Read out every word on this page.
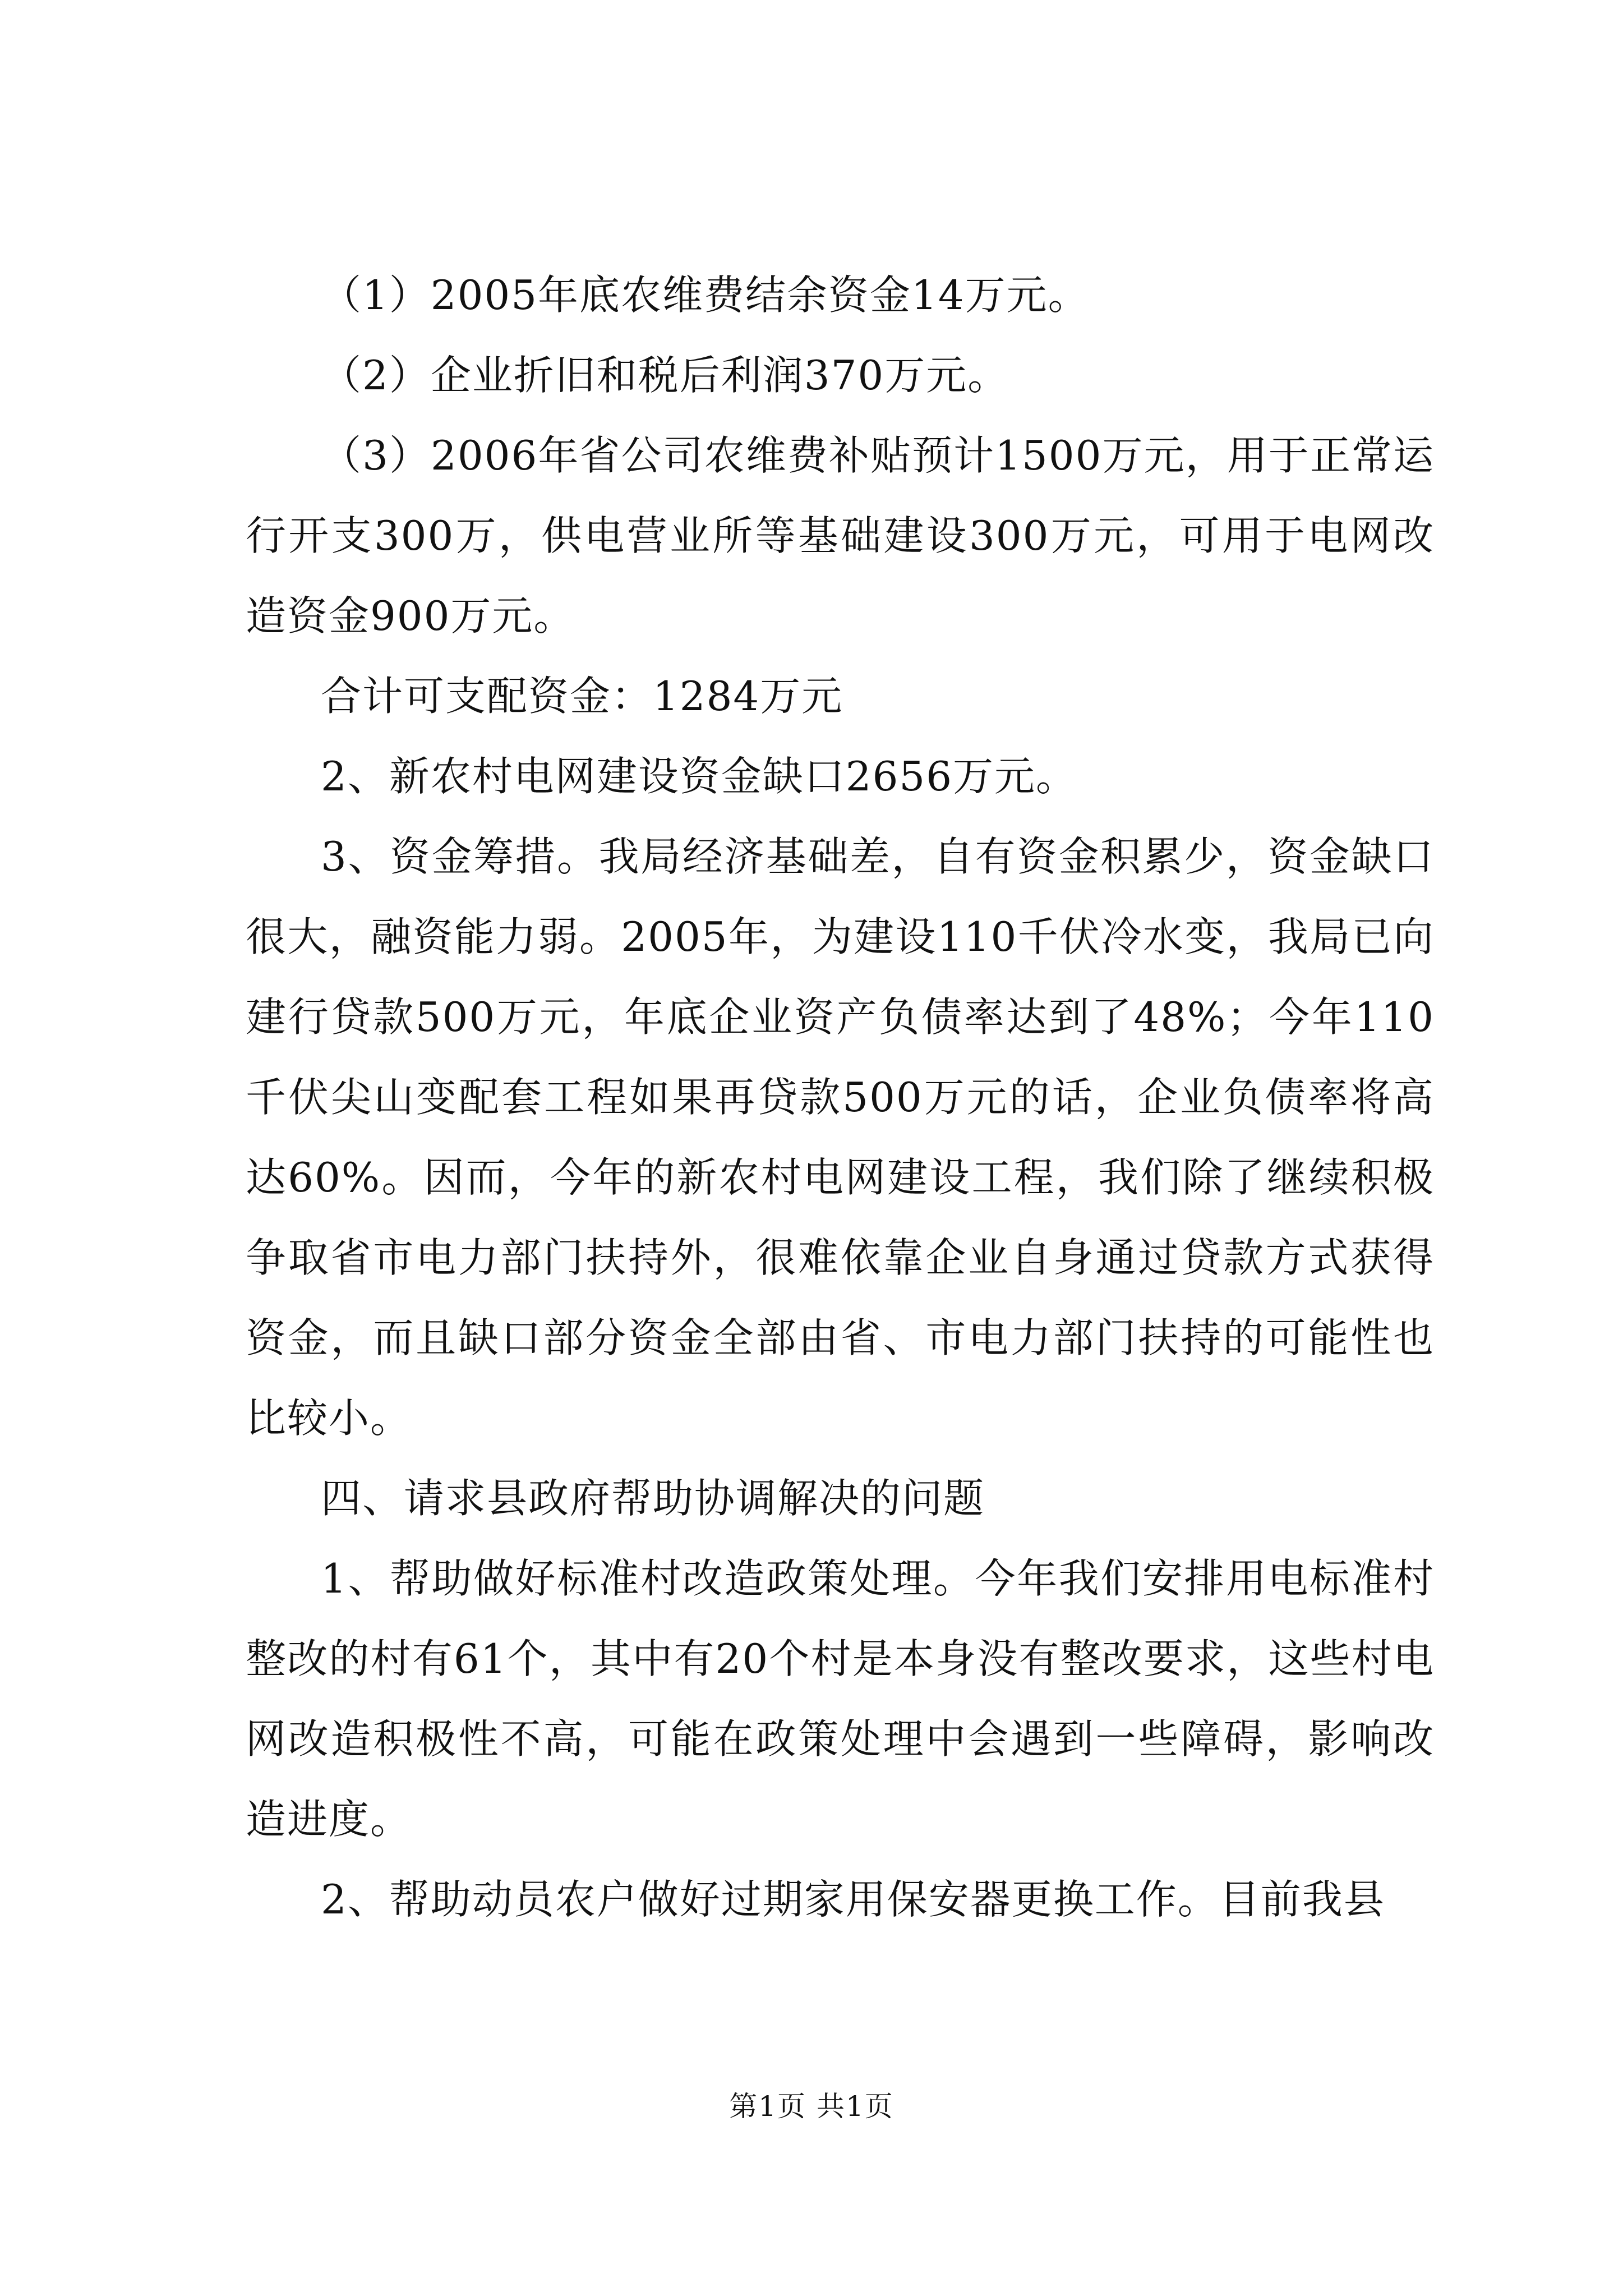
（1）2005年底农维费结余资金14万元。

（2）企业折旧和税后利润370万元。

（3）2006年省公司农维费补贴预计1500万元，用于正常运行开支300万，供电营业所等基础建设300万元，可用于电网改造资金900万元。

合计可支配资金：1284万元

2、新农村电网建设资金缺口2656万元。

3、资金筹措。我局经济基础差，自有资金积累少，资金缺口很大，融资能力弱。2005年，为建设110千伏冷水变，我局已向建行贷款500万元，年底企业资产负债率达到了48%；今年110千伏尖山变配套工程如果再贷款500万元的话，企业负债率将高达60%。因而，今年的新农村电网建设工程，我们除了继续积极争取省市电力部门扶持外，很难依靠企业自身通过贷款方式获得资金，而且缺口部分资金全部由省、市电力部门扶持的可能性也比较小。

四、请求县政府帮助协调解决的问题

1、帮助做好标准村改造政策处理。今年我们安排用电标准村整改的村有61个，其中有20个村是本身没有整改要求，这些村电网改造积极性不高，可能在政策处理中会遇到一些障碍，影响改造进度。

2、帮助动员农户做好过期家用保安器更换工作。目前我县

第1页 共1页
